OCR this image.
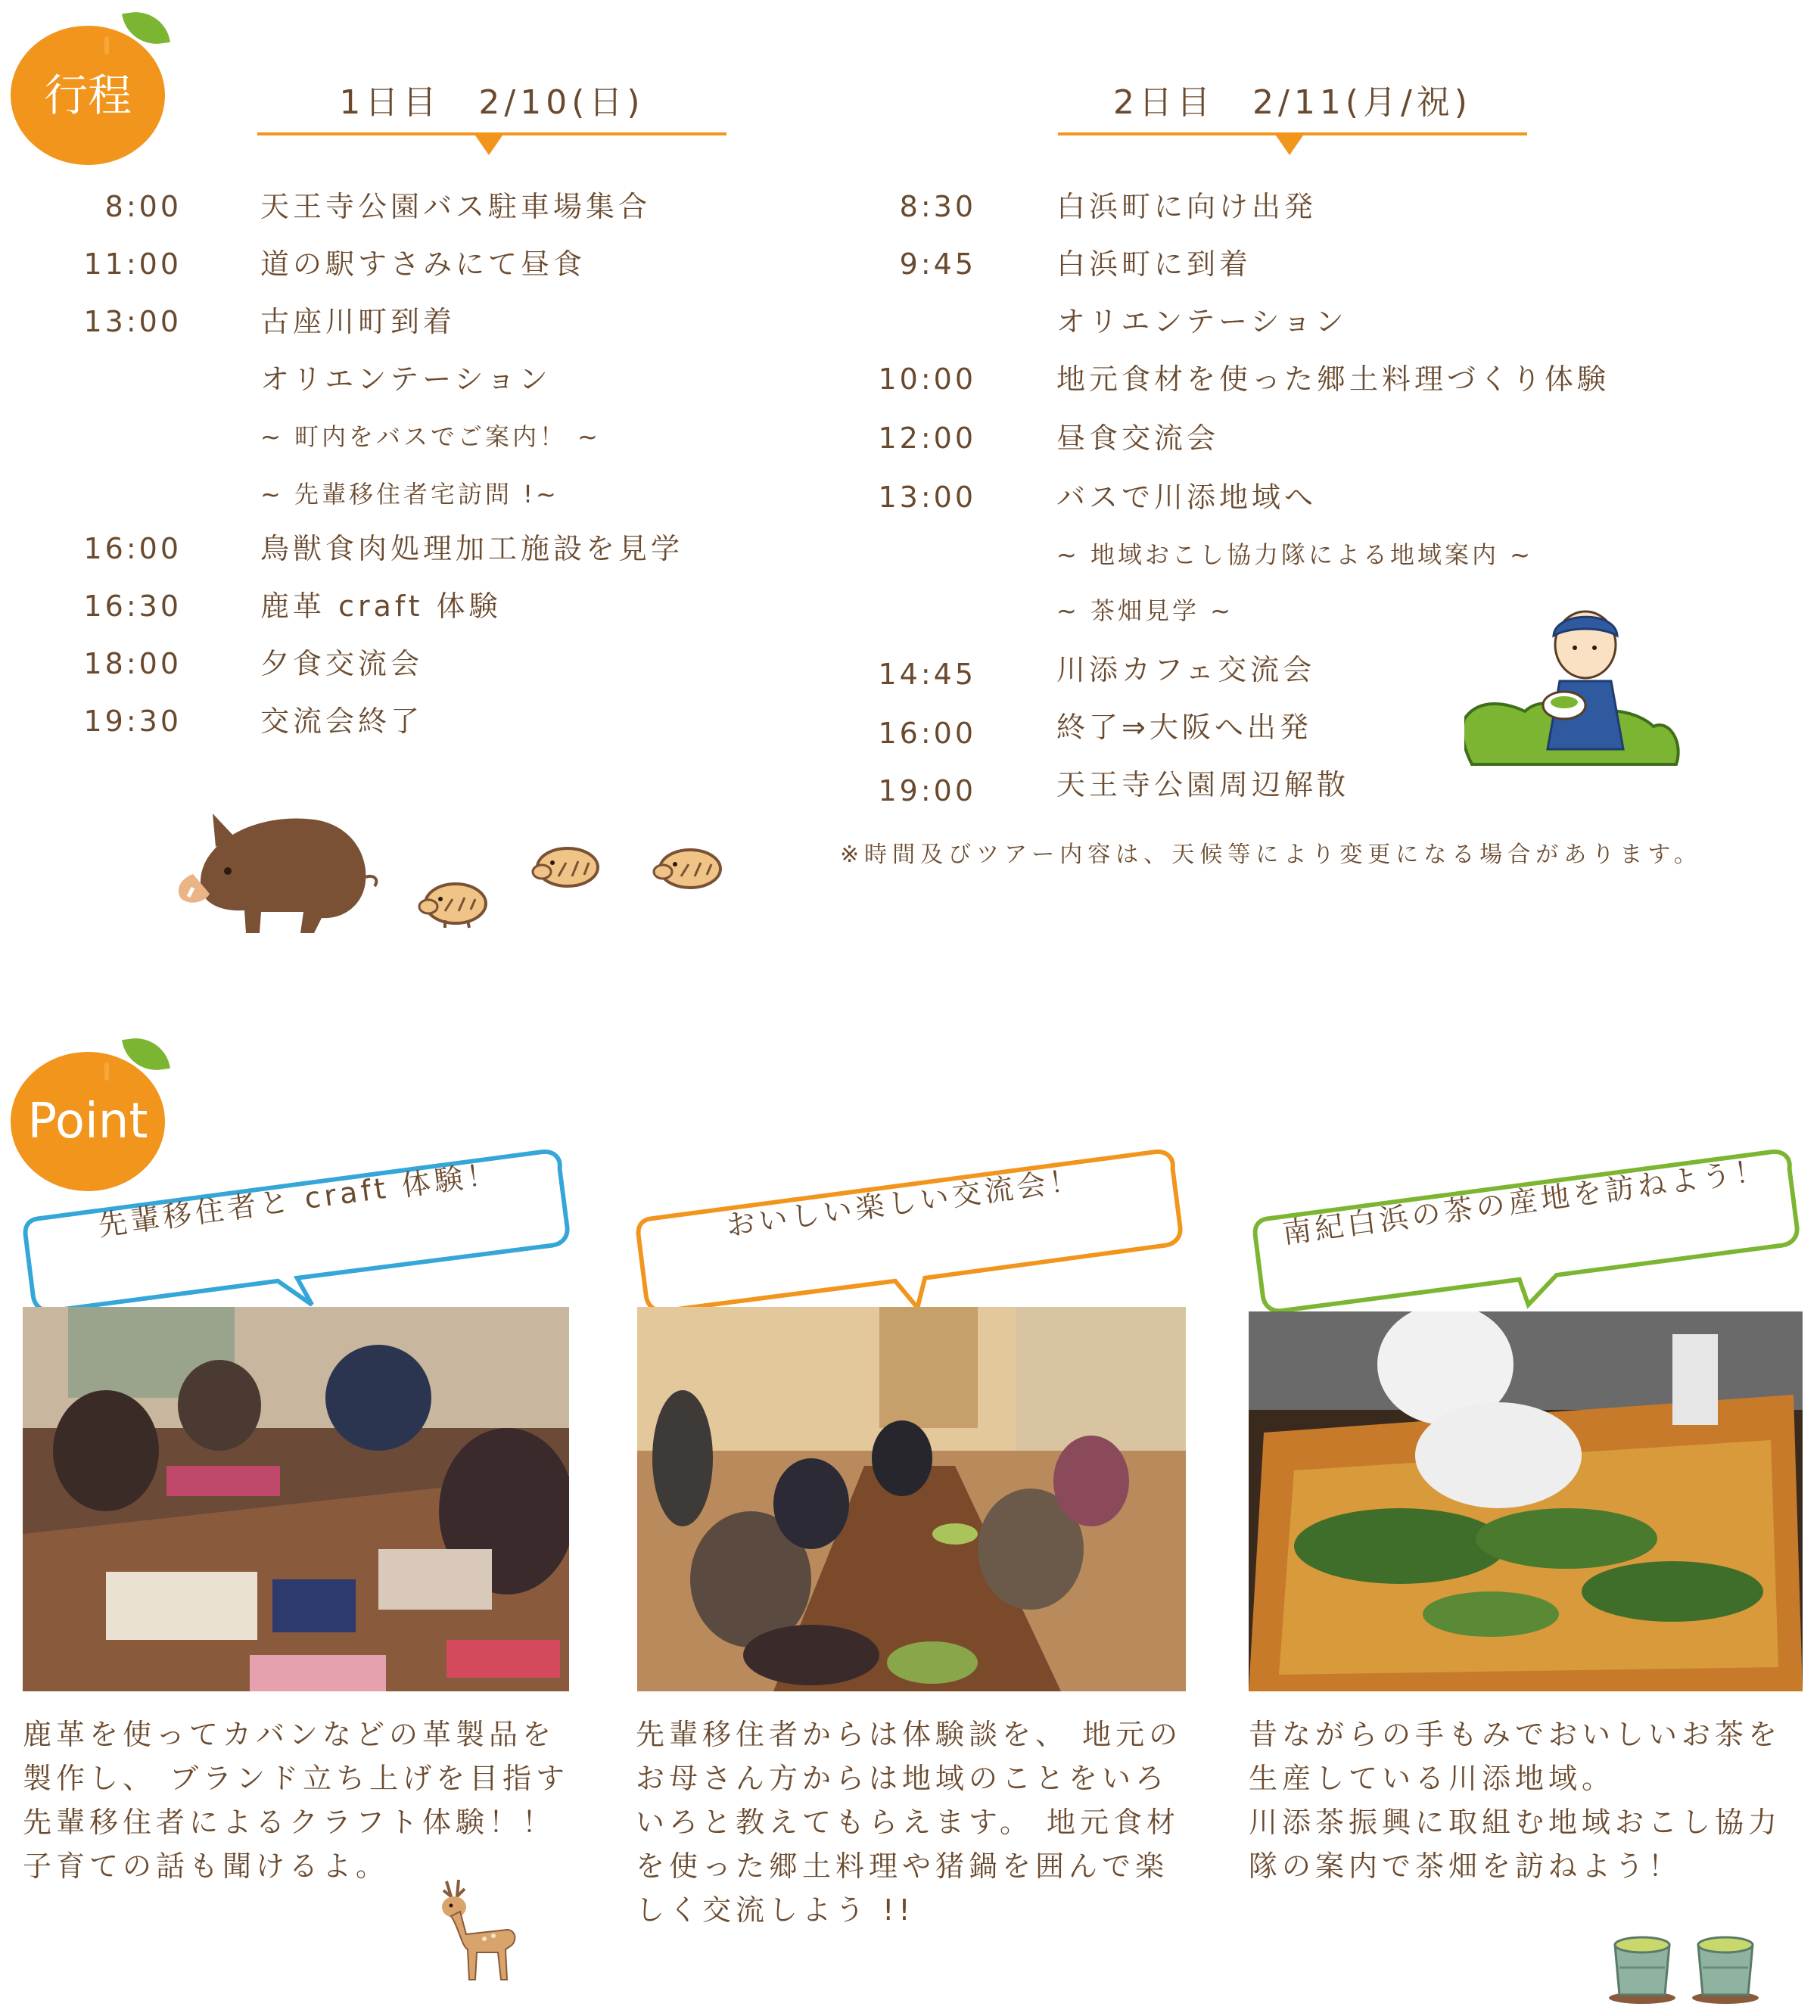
行程	1日目　2/10(日)	2日目　2/11(月/祝)
8:00	天王寺公園バス駐車場集合
11:00	道の駅すさみにて昼食
13:00	古座川町到着
オリエンテーション
~ 町内をバスでご案内！ ~
~ 先輩移住者宅訪問 !~
16:00	鳥獣食肉処理加工施設を見学
16:30	鹿革 craft 体験
18:00	夕食交流会
19:30	交流会終了
8:30	白浜町に向け出発
9:45	白浜町に到着
オリエンテーション
10:00	地元食材を使った郷土料理づくり体験
12:00	昼食交流会
13:00	バスで川添地域へ
~ 地域おこし協力隊による地域案内 ~
~ 茶畑見学 ~
14:45	川添カフェ交流会
16:00	終了⇒大阪へ出発
19:00	天王寺公園周辺解散
※時間及びツアー内容は、天候等により変更になる場合があります。
Point
先輩移住者と craft 体験！
鹿革を使ってカバンなどの革製品を
製作し、 ブランド立ち上げを目指す
先輩移住者によるクラフト体験！！
子育ての話も聞けるよ。
おいしい楽しい交流会！
先輩移住者からは体験談を、 地元の
お母さん方からは地域のことをいろ
いろと教えてもらえます。 地元食材
を使った郷土料理や猪鍋を囲んで楽
しく交流しよう !!
南紀白浜の茶の産地を訪ねよう！
昔ながらの手もみでおいしいお茶を
生産している川添地域。
川添茶振興に取組む地域おこし協力
隊の案内で茶畑を訪ねよう！
